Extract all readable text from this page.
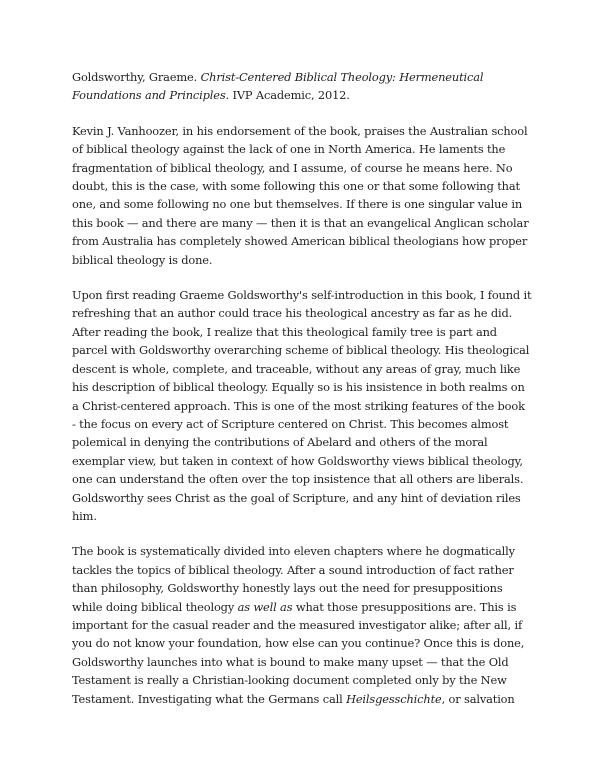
Goldsworthy, Graeme. Christ-Centered Biblical Theology: Hermeneutical Foundations and Principles. IVP Academic, 2012.

Kevin J. Vanhoozer, in his endorsement of the book, praises the Australian school of biblical theology against the lack of one in North America. He laments the fragmentation of biblical theology, and I assume, of course he means here. No doubt, this is the case, with some following this one or that some following that one, and some following no one but themselves. If there is one singular value in this book — and there are many — then it is that an evangelical Anglican scholar from Australia has completely showed American biblical theologians how proper biblical theology is done.

Upon first reading Graeme Goldsworthy's self-introduction in this book, I found it refreshing that an author could trace his theological ancestry as far as he did. After reading the book, I realize that this theological family tree is part and parcel with Goldsworthy overarching scheme of biblical theology. His theological descent is whole, complete, and traceable, without any areas of gray, much like his description of biblical theology. Equally so is his insistence in both realms on a Christ-centered approach. This is one of the most striking features of the book - the focus on every act of Scripture centered on Christ. This becomes almost polemical in denying the contributions of Abelard and others of the moral exemplar view, but taken in context of how Goldsworthy views biblical theology, one can understand the often over the top insistence that all others are liberals. Goldsworthy sees Christ as the goal of Scripture, and any hint of deviation riles him.

The book is systematically divided into eleven chapters where he dogmatically tackles the topics of biblical theology. After a sound introduction of fact rather than philosophy, Goldsworthy honestly lays out the need for presuppositions while doing biblical theology as well as what those presuppositions are. This is important for the casual reader and the measured investigator alike; after all, if you do not know your foundation, how else can you continue? Once this is done, Goldsworthy launches into what is bound to make many upset — that the Old Testament is really a Christian-looking document completed only by the New Testament. Investigating what the Germans call Heilsgesschichte, or salvation
